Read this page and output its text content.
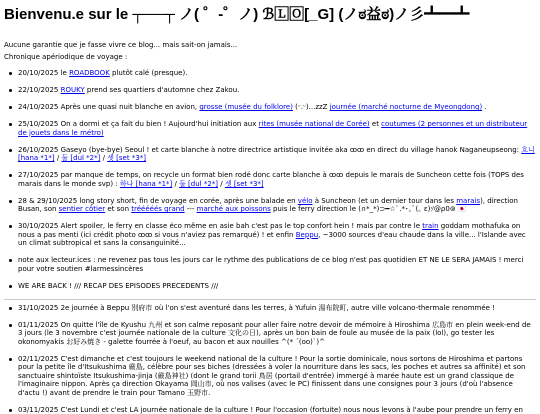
Bienvenu.e sur le ┬──┬ ノ( ゜-゜ノ) ℬ🄻🄾[_G] (ノಠ益ಠ)ノ彡┻━┻

Aucune garantie que je fasse vivre ce blog... mais sait-on jamais...

Chronique apériodique de voyage :

20/10/2025 le ROADBOOK plutôt calé (presque).
22/10/2025 ROUKY prend ses quartiers d'automne chez Zakou.
24/10/2025 Après une quasi nuit blanche en avion, grosse (musée du folklore) (ᵕ.ᵕ)...zzZ journée (marché nocturne de Myeongdong) .
25/10/2025 On a dormi et ça fait du bien ! Aujourd'hui initiation aux rites (musée national de Corée) et coutumes (2 personnes et un distributeur de jouets dans le métro)
26/10/2025 Gaseyo (bye-bye) Seoul ! et carte blanche à notre directrice artistique invitée aka ꝏꝏ en direct du village hanok Naganeupseong: 흐니 [hana *1*] / 둘 [dul *2*] / 셋 [set *3*]
27/10/2025 par manque de temps, on recycle un format bien rodé donc carte blanche à ꝏꝏ depuis le marais de Suncheon cette fois (TOPS des marais dans le monde svp) : 하나 [hana *1*] / 둘 [dul *2*] / 셋 [set *3*]
28 & 29/10/2025 long story short, fin de voyage en corée, après une balade en vélo à Suncheon (et un dernier tour dans les marais), direction Busan, son sentier côtier et son trééééés grand --- marché aux poissons puis le ferry direction le (∩*_*)⊃━☆ﾟ.*･｡ﾟ(｡ ε)ｿ@ρ0⊚ 🇯🇵
30/10/2025 Alert spoiler, le ferry en classe éco même en asie bah c'est pas le top confort hein ! mais par contre le train goddam mothafuka on nous a pas menti (ici crédit photo ꝏꝏ si vous n'aviez pas remarqué) ! et enfin Beppu, ~3000 sources d'eau chaude dans la ville... l'Islande avec un climat subtropical et sans la consanguinité...
note aux lecteur.ices : ne revenez pas tous les jours car le rythme des publications de ce blog n'est pas quotidien ET NE LE SERA JAMAIS ! merci pour votre soutien #larmessincères
WE ARE BACK ! /// RECAP DES EPISODES PRECEDENTS ///
31/10/2025 2e journée à Beppu 別府市 où l'on s'est aventuré dans les terres, à Yufuin 湯布院町, autre ville volcano-thermale renommée !
01/11/2025 On quitte l'île de Kyushu 九州 et son calme reposant pour aller faire notre devoir de mémoire à Hiroshima 広島市 en plein week-end de 3 jours (le 3 novembre c'est journée nationale de la culture 文化の日), après un bon bain de foule au musée de la paix (lol), go tester les okonomyakis お好み焼き - galette fourrée à l'oeuf, au bacon et aux nouilles ^(* ´(oo)`)^
02/11/2025 C'est dimanche et c'est toujours le weekend national de la culture ! Pour la sortie dominicale, nous sortons de Hiroshima et partons pour la petite île d'Itsukushima 厳島, célèbre pour ses biches (dressées à voler la nourriture dans les sacs, les poches et autres sa affinité) et son sanctuaire shintoïste Itsukushima-jinja (厳島神社) (dont le grand torii 鳥居 (portail d'entrée) immergé à marée haute est un grand classique de l'imaginaire nippon. Après ça direction Okayama 岡山市, où nos valises (avec le PC) finissent dans une consignes pour 3 jours (d'où l'absence d'actu !) avant de prendre le train pour Tamano 玉野市.
03/11/2025 C'est Lundi et c'est LA journée nationale de la culture ! Pour l'occasion (fortuite) nous nous levons à l'aube pour prendre un ferry en
